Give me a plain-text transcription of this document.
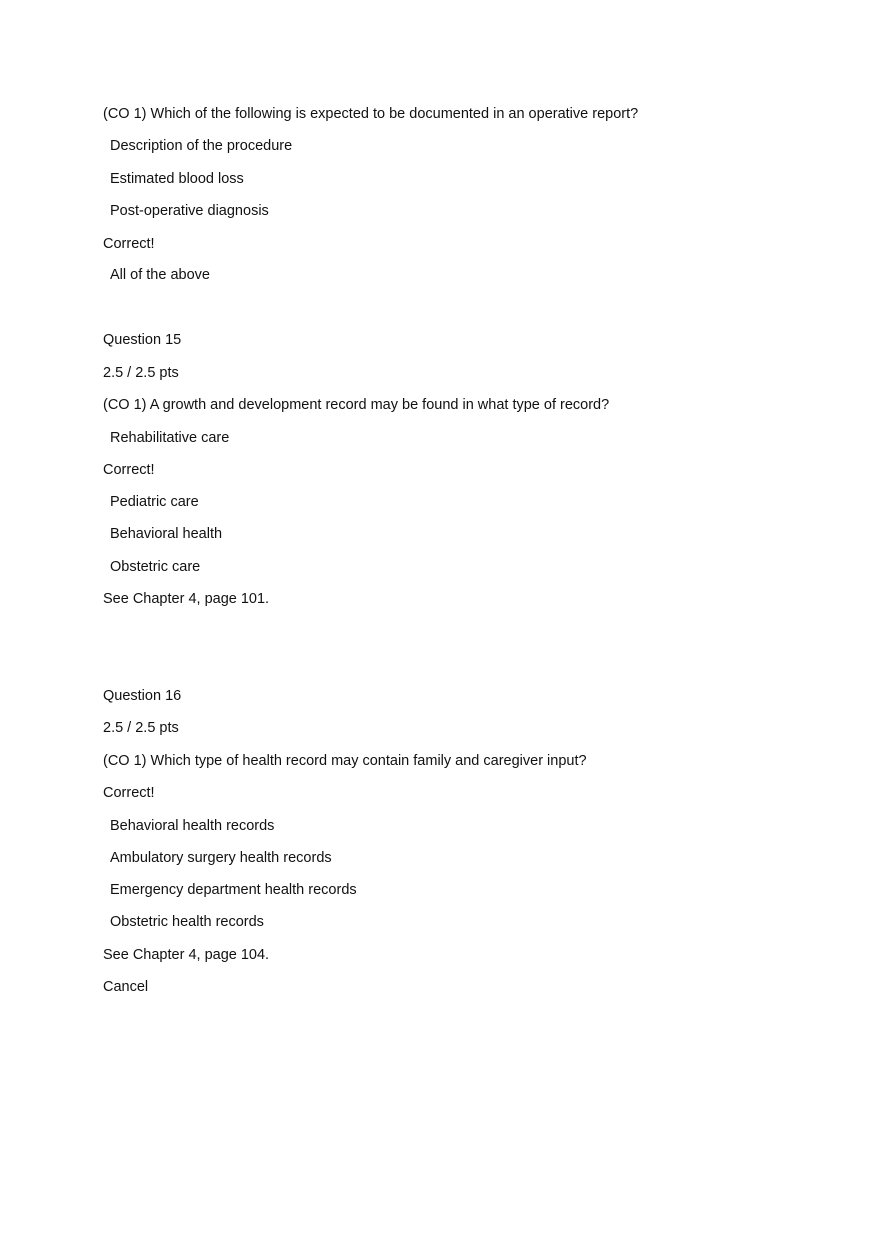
(CO 1) Which of the following is expected to be documented in an operative report?
Description of the procedure
Estimated blood loss
Post-operative diagnosis
Correct!
All of the above
Question 15
2.5 / 2.5 pts
(CO 1) A growth and development record may be found in what type of record?
Rehabilitative care
Correct!
Pediatric care
Behavioral health
Obstetric care
See Chapter 4, page 101.
Question 16
2.5 / 2.5 pts
(CO 1) Which type of health record may contain family and caregiver input?
Correct!
Behavioral health records
Ambulatory surgery health records
Emergency department health records
Obstetric health records
See Chapter 4, page 104.
Cancel
